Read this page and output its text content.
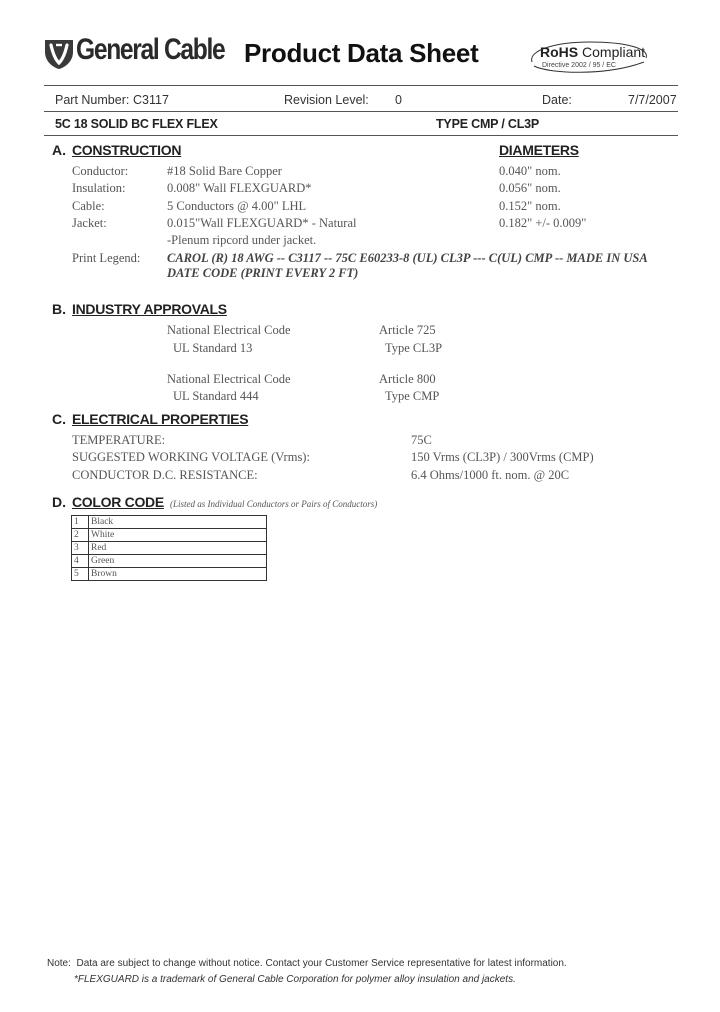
General Cable Product Data Sheet	RoHS Compliant
Directive 2002 / 95 / EC
Part Number: C3117	Revision Level: 0	Date:	7/7/2007
5C 18 SOLID BC FLEX FLEX	TYPE CMP / CL3P
A. CONSTRUCTION	DIAMETERS
Conductor:	#18 Solid Bare Copper	0.040" nom.
Insulation:	0.008" Wall FLEXGUARD*	0.056" nom.
Cable:	5 Conductors @ 4.00" LHL	0.152" nom.
Jacket:	0.015"Wall FLEXGUARD* - Natural	0.182" +/- 0.009"
-Plenum ripcord under jacket.
Print Legend: CAROL (R) 18 AWG -- C3117 -- 75C E60233-8 (UL) CL3P --- C(UL) CMP -- MADE IN USA
DATE CODE (PRINT EVERY 2 FT)
B. INDUSTRY APPROVALS
National Electrical Code	Article 725
UL Standard 13	Type CL3P
National Electrical Code	Article 800
UL Standard 444	Type CMP
C. ELECTRICAL PROPERTIES
TEMPERATURE:	75C
SUGGESTED WORKING VOLTAGE (Vrms):	150 Vrms (CL3P) / 300Vrms (CMP)
CONDUCTOR D.C. RESISTANCE:	6.4 Ohms/1000 ft. nom. @ 20C
D. COLOR CODE (Listed as Individual Conductors or Pairs of Conductors)
1	Black
2	White
3	Red
4	Green
5	Brown
Note: Data are subject to change without notice. Contact your Customer Service representative for latest information.
*FLEXGUARD is a trademark of General Cable Corporation for polymer alloy insulation and jackets.
